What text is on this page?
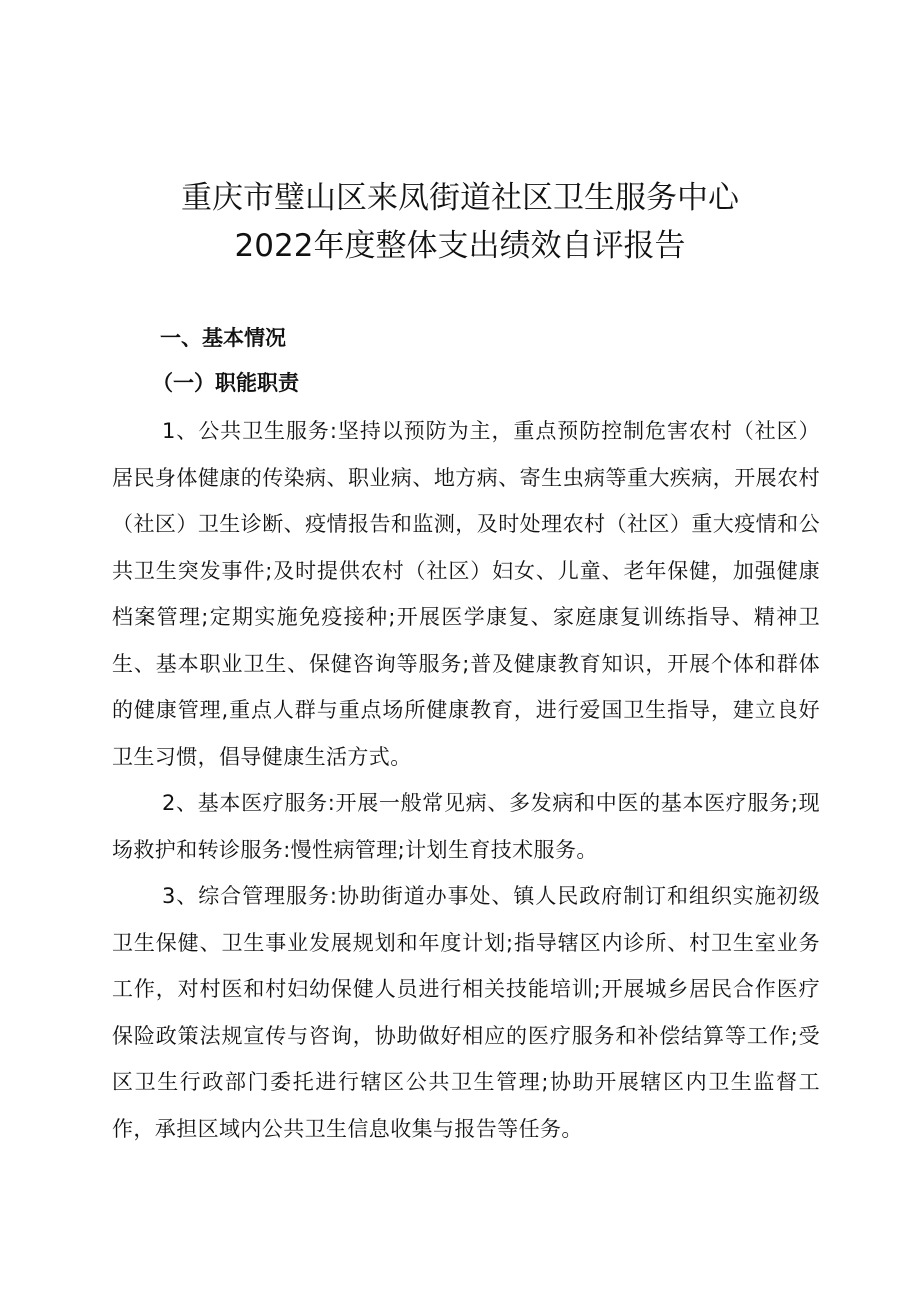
重庆市璧山区来凤街道社区卫生服务中心
2022年度整体支出绩效自评报告
一、基本情况
（一）职能职责

1、公共卫生服务:坚持以预防为主，重点预防控制危害农村（社区）居民身体健康的传染病、职业病、地方病、寄生虫病等重大疾病，开展农村（社区）卫生诊断、疫情报告和监测，及时处理农村（社区）重大疫情和公共卫生突发事件;及时提供农村（社区）妇女、儿童、老年保健，加强健康档案管理;定期实施免疫接种;开展医学康复、家庭康复训练指导、精神卫生、基本职业卫生、保健咨询等服务;普及健康教育知识，开展个体和群体的健康管理,重点人群与重点场所健康教育，进行爱国卫生指导，建立良好卫生习惯，倡导健康生活方式。

2、基本医疗服务:开展一般常见病、多发病和中医的基本医疗服务;现场救护和转诊服务:慢性病管理;计划生育技术服务。

3、综合管理服务:协助街道办事处、镇人民政府制订和组织实施初级卫生保健、卫生事业发展规划和年度计划;指导辖区内诊所、村卫生室业务工作，对村医和村妇幼保健人员进行相关技能培训;开展城乡居民合作医疗保险政策法规宣传与咨询，协助做好相应的医疗服务和补偿结算等工作;受区卫生行政部门委托进行辖区公共卫生管理;协助开展辖区内卫生监督工作，承担区域内公共卫生信息收集与报告等任务。
